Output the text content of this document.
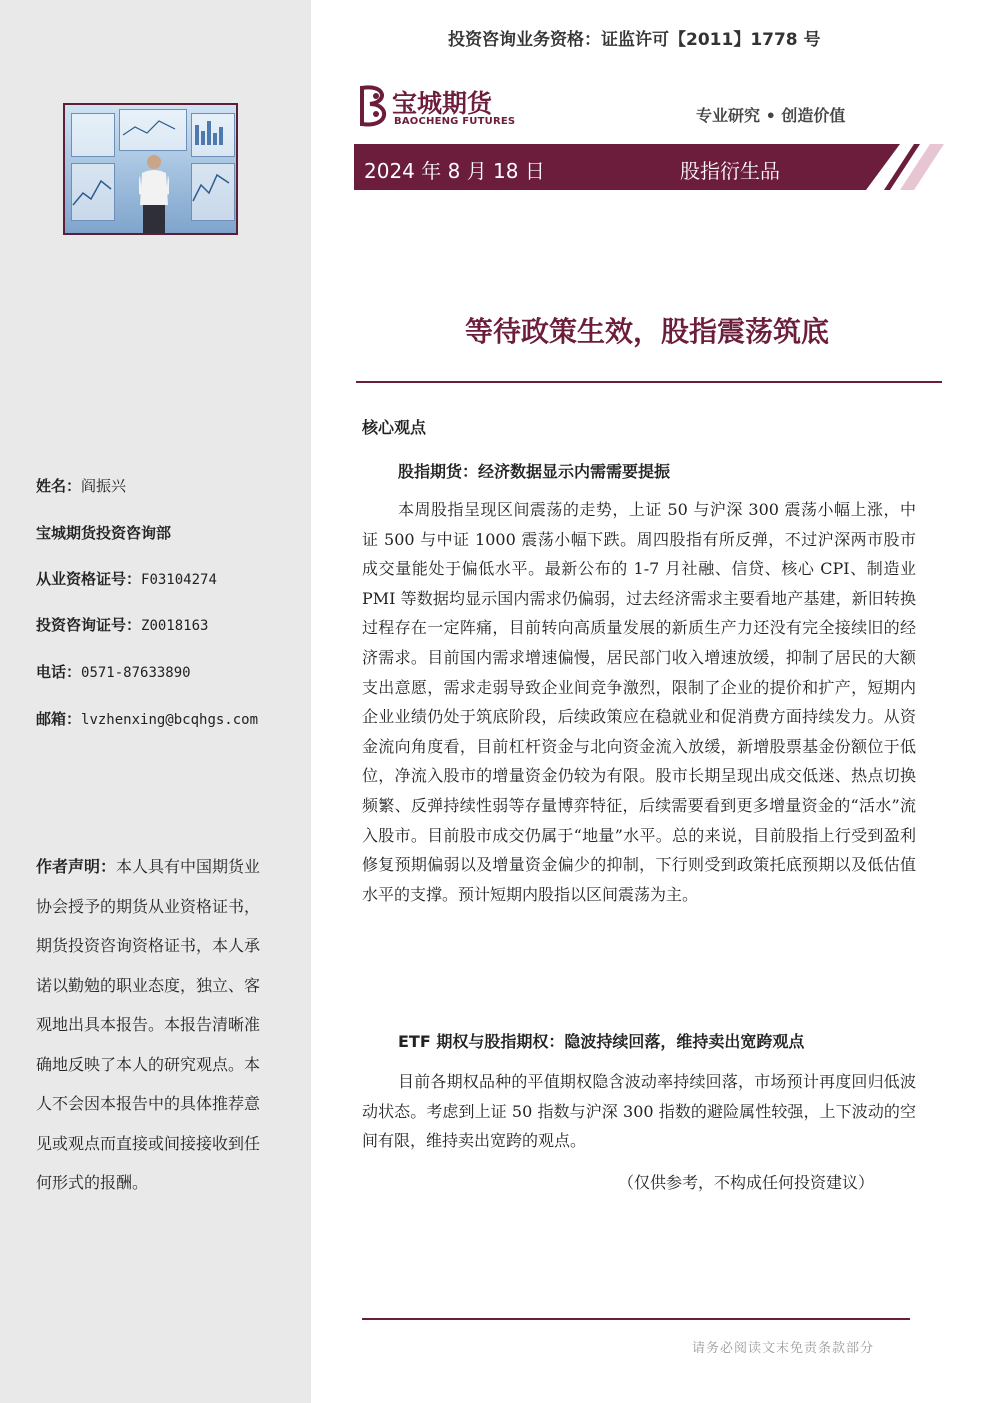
姓名：阎振兴
宝城期货投资咨询部
从业资格证号：F03104274
投资咨询证号：Z0018163
电话：0571-87633890
邮箱：lvzhenxing@bcqhgs.com
作者声明：本人具有中国期货业协会授予的期货从业资格证书，期货投资咨询资格证书，本人承诺以勤勉的职业态度，独立、客观地出具本报告。本报告清晰准确地反映了本人的研究观点。本人不会因本报告中的具体推荐意见或观点而直接或间接接收到任何形式的报酬。
投资咨询业务资格：证监许可【2011】1778 号
宝城期货
BAOCHENG FUTURES	专业研究 • 创造价值
2024 年 8 月 18 日	股指衍生品
等待政策生效，股指震荡筑底
核心观点
股指期货：经济数据显示内需需要提振
本周股指呈现区间震荡的走势，上证 50 与沪深 300 震荡小幅上涨，中证 500 与中证 1000 震荡小幅下跌。周四股指有所反弹，不过沪深两市股市成交量能处于偏低水平。最新公布的 1-7 月社融、信贷、核心 CPI、制造业 PMI 等数据均显示国内需求仍偏弱，过去经济需求主要看地产基建，新旧转换过程存在一定阵痛，目前转向高质量发展的新质生产力还没有完全接续旧的经济需求。目前国内需求增速偏慢，居民部门收入增速放缓，抑制了居民的大额支出意愿，需求走弱导致企业间竞争激烈，限制了企业的提价和扩产，短期内企业业绩仍处于筑底阶段，后续政策应在稳就业和促消费方面持续发力。从资金流向角度看，目前杠杆资金与北向资金流入放缓，新增股票基金份额位于低位，净流入股市的增量资金仍较为有限。股市长期呈现出成交低迷、热点切换频繁、反弹持续性弱等存量博弈特征，后续需要看到更多增量资金的“活水”流入股市。目前股市成交仍属于“地量”水平。总的来说，目前股指上行受到盈利修复预期偏弱以及增量资金偏少的抑制，下行则受到政策托底预期以及低估值水平的支撑。预计短期内股指以区间震荡为主。
ETF 期权与股指期权：隐波持续回落，维持卖出宽跨观点
目前各期权品种的平值期权隐含波动率持续回落，市场预计再度回归低波动状态。考虑到上证 50 指数与沪深 300 指数的避险属性较强，上下波动的空间有限，维持卖出宽跨的观点。
（仅供参考，不构成任何投资建议）
请务必阅读文末免责条款部分
